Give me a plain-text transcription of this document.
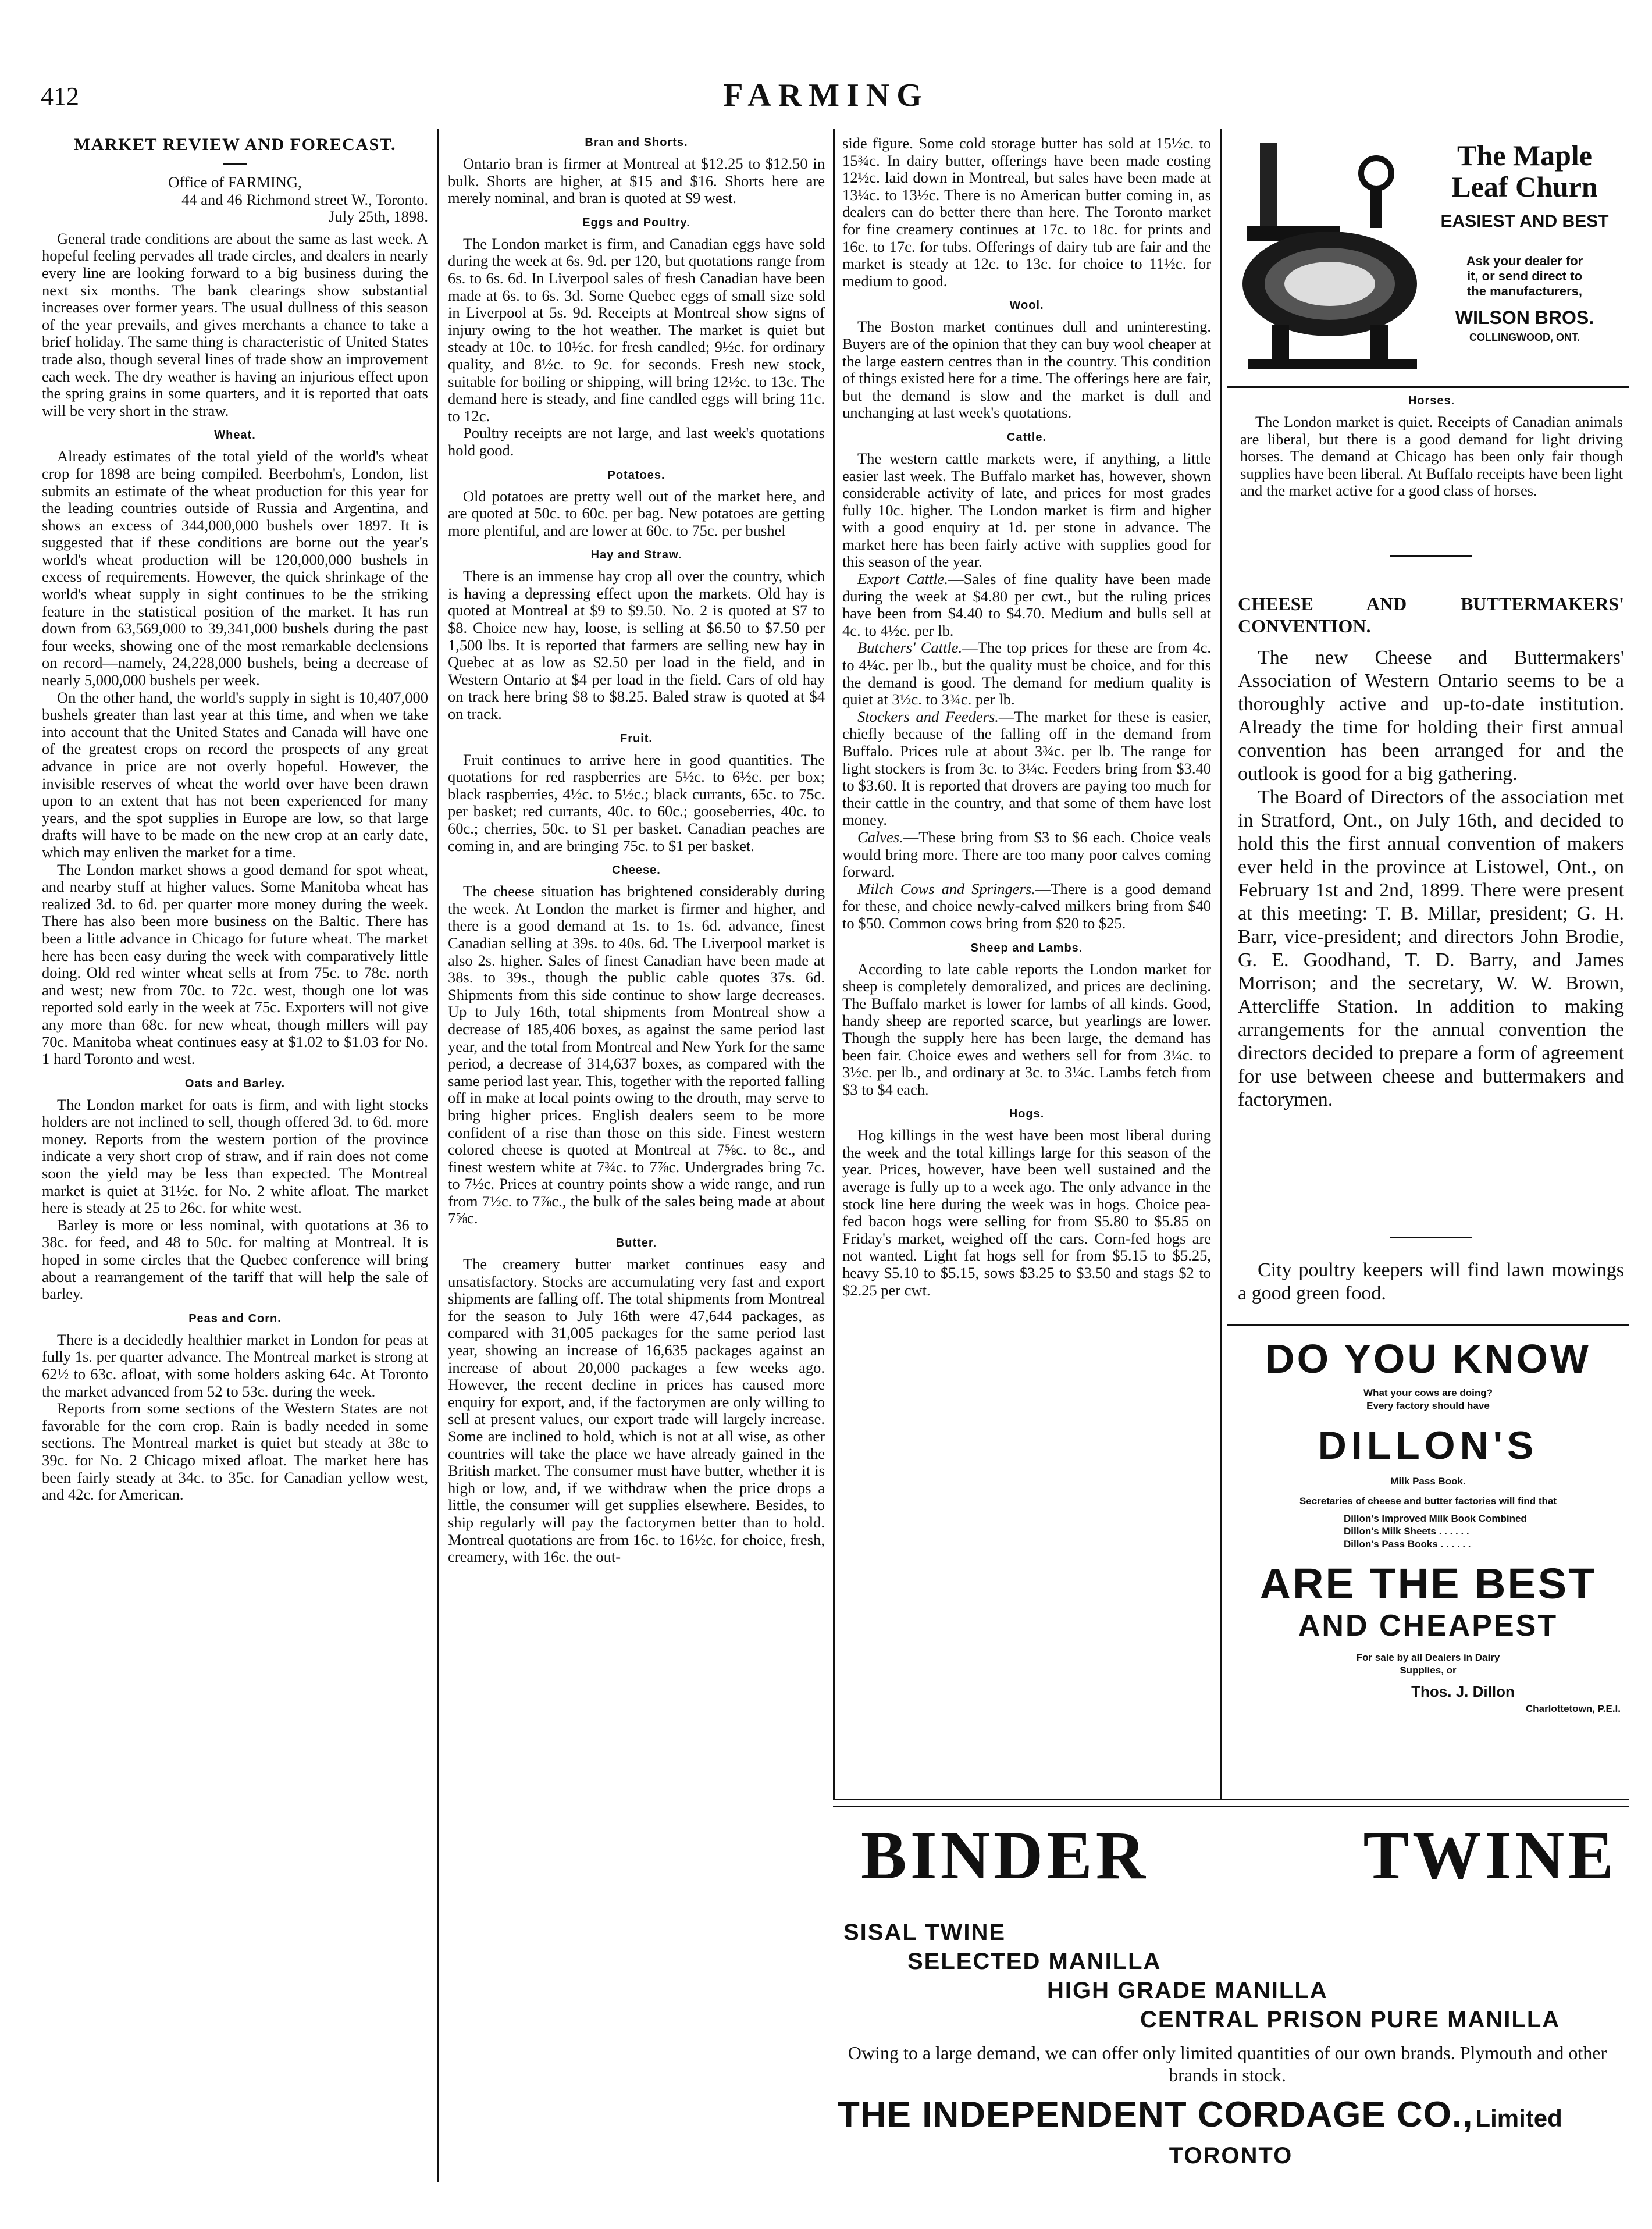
412	FARMING
MARKET REVIEW AND FORECAST.

Office of FARMING,

44 and 46 Richmond street W., Toronto.

July 25th, 1898.

General trade conditions are about the same as last week. A hopeful feeling pervades all trade circles, and dealers in nearly every line are looking forward to a big business during the next six months. The bank clearings show substantial increases over former years. The usual dullness of this season of the year prevails, and gives merchants a chance to take a brief holiday. The same thing is characteristic of United States trade also, though several lines of trade show an improvement each week. The dry weather is having an injurious effect upon the spring grains in some quarters, and it is reported that oats will be very short in the straw.

Wheat.

Already estimates of the total yield of the world's wheat crop for 1898 are being compiled. Beerbohm's, London, list submits an estimate of the wheat production for this year for the leading countries outside of Russia and Argentina, and shows an excess of 344,000,000 bushels over 1897. It is suggested that if these conditions are borne out the year's world's wheat production will be 120,000,000 bushels in excess of requirements. However, the quick shrinkage of the world's wheat supply in sight continues to be the striking feature in the statistical position of the market. It has run down from 63,569,000 to 39,341,000 bushels during the past four weeks, showing one of the most remarkable declensions on record—namely, 24,228,000 bushels, being a decrease of nearly 5,000,000 bushels per week.

On the other hand, the world's supply in sight is 10,407,000 bushels greater than last year at this time, and when we take into account that the United States and Canada will have one of the greatest crops on record the prospects of any great advance in price are not overly hopeful. However, the invisible reserves of wheat the world over have been drawn upon to an extent that has not been experienced for many years, and the spot supplies in Europe are low, so that large drafts will have to be made on the new crop at an early date, which may enliven the market for a time.

The London market shows a good demand for spot wheat, and nearby stuff at higher values. Some Manitoba wheat has realized 3d. to 6d. per quarter more money during the week. There has also been more business on the Baltic. There has been a little advance in Chicago for future wheat. The market here has been easy during the week with comparatively little doing. Old red winter wheat sells at from 75c. to 78c. north and west; new from 70c. to 72c. west, though one lot was reported sold early in the week at 75c. Exporters will not give any more than 68c. for new wheat, though millers will pay 70c. Manitoba wheat continues easy at $1.02 to $1.03 for No. 1 hard Toronto and west.

Oats and Barley.

The London market for oats is firm, and with light stocks holders are not inclined to sell, though offered 3d. to 6d. more money. Reports from the western portion of the province indicate a very short crop of straw, and if rain does not come soon the yield may be less than expected. The Montreal market is quiet at 31½c. for No. 2 white afloat. The market here is steady at 25 to 26c. for white west.

Barley is more or less nominal, with quotations at 36 to 38c. for feed, and 48 to 50c. for malting at Montreal. It is hoped in some circles that the Quebec conference will bring about a rearrangement of the tariff that will help the sale of barley.

Peas and Corn.

There is a decidedly healthier market in London for peas at fully 1s. per quarter advance. The Montreal market is strong at 62½ to 63c. afloat, with some holders asking 64c. At Toronto the market advanced from 52 to 53c. during the week.

Reports from some sections of the Western States are not favorable for the corn crop. Rain is badly needed in some sections. The Montreal market is quiet but steady at 38c to 39c. for No. 2 Chicago mixed afloat. The market here has been fairly steady at 34c. to 35c. for Canadian yellow west, and 42c. for American.

Bran and Shorts.

Ontario bran is firmer at Montreal at $12.25 to $12.50 in bulk. Shorts are higher, at $15 and $16. Shorts here are merely nominal, and bran is quoted at $9 west.

Eggs and Poultry.

The London market is firm, and Canadian eggs have sold during the week at 6s. 9d. per 120, but quotations range from 6s. to 6s. 6d. In Liverpool sales of fresh Canadian have been made at 6s. to 6s. 3d. Some Quebec eggs of small size sold in Liverpool at 5s. 9d. Receipts at Montreal show signs of injury owing to the hot weather. The market is quiet but steady at 10c. to 10½c. for fresh candled; 9½c. for ordinary quality, and 8½c. to 9c. for seconds. Fresh new stock, suitable for boiling or shipping, will bring 12½c. to 13c. The demand here is steady, and fine candled eggs will bring 11c. to 12c.

Poultry receipts are not large, and last week's quotations hold good.

Potatoes.

Old potatoes are pretty well out of the market here, and are quoted at 50c. to 60c. per bag. New potatoes are getting more plentiful, and are lower at 60c. to 75c. per bushel

Hay and Straw.

There is an immense hay crop all over the country, which is having a depressing effect upon the markets. Old hay is quoted at Montreal at $9 to $9.50. No. 2 is quoted at $7 to $8. Choice new hay, loose, is selling at $6.50 to $7.50 per 1,500 lbs. It is reported that farmers are selling new hay in Quebec at as low as $2.50 per load in the field, and in Western Ontario at $4 per load in the field. Cars of old hay on track here bring $8 to $8.25. Baled straw is quoted at $4 on track.

Fruit.

Fruit continues to arrive here in good quantities. The quotations for red raspberries are 5½c. to 6½c. per box; black raspberries, 4½c. to 5½c.; black currants, 65c. to 75c. per basket; red currants, 40c. to 60c.; gooseberries, 40c. to 60c.; cherries, 50c. to $1 per basket. Canadian peaches are coming in, and are bringing 75c. to $1 per basket.

Cheese.

The cheese situation has brightened considerably during the week. At London the market is firmer and higher, and there is a good demand at 1s. to 1s. 6d. advance, finest Canadian selling at 39s. to 40s. 6d. The Liverpool market is also 2s. higher. Sales of finest Canadian have been made at 38s. to 39s., though the public cable quotes 37s. 6d. Shipments from this side continue to show large decreases. Up to July 16th, total shipments from Montreal show a decrease of 185,406 boxes, as against the same period last year, and the total from Montreal and New York for the same period, a decrease of 314,637 boxes, as compared with the same period last year. This, together with the reported falling off in make at local points owing to the drouth, may serve to bring higher prices. English dealers seem to be more confident of a rise than those on this side. Finest western colored cheese is quoted at Montreal at 7⅝c. to 8c., and finest western white at 7¾c. to 7⅞c. Undergrades bring 7c. to 7½c. Prices at country points show a wide range, and run from 7½c. to 7⅞c., the bulk of the sales being made at about 7⅝c.

Butter.

The creamery butter market continues easy and unsatisfactory. Stocks are accumulating very fast and export shipments are falling off. The total shipments from Montreal for the season to July 16th were 47,644 packages, as compared with 31,005 packages for the same period last year, showing an increase of 16,635 packages against an increase of about 20,000 packages a few weeks ago. However, the recent decline in prices has caused more enquiry for export, and, if the factorymen are only willing to sell at present values, our export trade will largely increase. Some are inclined to hold, which is not at all wise, as other countries will take the place we have already gained in the British market. The consumer must have butter, whether it is high or low, and, if we withdraw when the price drops a little, the consumer will get supplies elsewhere. Besides, to ship regularly will pay the factorymen better than to hold. Montreal quotations are from 16c. to 16½c. for choice, fresh, creamery, with 16c. the out-

side figure. Some cold storage butter has sold at 15½c. to 15¾c. In dairy butter, offerings have been made costing 12½c. laid down in Montreal, but sales have been made at 13¼c. to 13½c. There is no American butter coming in, as dealers can do better there than here. The Toronto market for fine creamery continues at 17c. to 18c. for prints and 16c. to 17c. for tubs. Offerings of dairy tub are fair and the market is steady at 12c. to 13c. for choice to 11½c. for medium to good.

Wool.

The Boston market continues dull and uninteresting. Buyers are of the opinion that they can buy wool cheaper at the large eastern centres than in the country. This condition of things existed here for a time. The offerings here are fair, but the demand is slow and the market is dull and unchanging at last week's quotations.

Cattle.

The western cattle markets were, if anything, a little easier last week. The Buffalo market has, however, shown considerable activity of late, and prices for most grades fully 10c. higher. The London market is firm and higher with a good enquiry at 1d. per stone in advance. The market here has been fairly active with supplies good for this season of the year.

Export Cattle.—Sales of fine quality have been made during the week at $4.80 per cwt., but the ruling prices have been from $4.40 to $4.70. Medium and bulls sell at 4c. to 4½c. per lb.

Butchers' Cattle.—The top prices for these are from 4c. to 4¼c. per lb., but the quality must be choice, and for this the demand is good. The demand for medium quality is quiet at 3½c. to 3¾c. per lb.

Stockers and Feeders.—The market for these is easier, chiefly because of the falling off in the demand from Buffalo. Prices rule at about 3¾c. per lb. The range for light stockers is from 3c. to 3¼c. Feeders bring from $3.40 to $3.60. It is reported that drovers are paying too much for their cattle in the country, and that some of them have lost money.

Calves.—These bring from $3 to $6 each. Choice veals would bring more. There are too many poor calves coming forward.

Milch Cows and Springers.—There is a good demand for these, and choice newly-calved milkers bring from $40 to $50. Common cows bring from $20 to $25.

Sheep and Lambs.

According to late cable reports the London market for sheep is completely demoralized, and prices are declining. The Buffalo market is lower for lambs of all kinds. Good, handy sheep are reported scarce, but yearlings are lower. Though the supply here has been large, the demand has been fair. Choice ewes and wethers sell for from 3¼c. to 3½c. per lb., and ordinary at 3c. to 3¼c. Lambs fetch from $3 to $4 each.

Hogs.

Hog killings in the west have been most liberal during the week and the total killings large for this season of the year. Prices, however, have been well sustained and the average is fully up to a week ago. The only advance in the stock line here during the week was in hogs. Choice pea-fed bacon hogs were selling for from $5.80 to $5.85 on Friday's market, weighed off the cars. Corn-fed hogs are not wanted. Light fat hogs sell for from $5.15 to $5.25, heavy $5.10 to $5.15, sows $3.25 to $3.50 and stags $2 to $2.25 per cwt.

The Maple
Leaf Churn
EASIEST AND BEST
Ask your dealer for
it, or send direct to
the manufacturers,
WILSON BROS.
COLLINGWOOD, ONT.
Horses.

The London market is quiet. Receipts of Canadian animals are liberal, but there is a good demand for light driving horses. The demand at Chicago has been only fair though supplies have been liberal. At Buffalo receipts have been light and the market active for a good class of horses.

CHEESE AND BUTTERMAKERS' CONVENTION.

The new Cheese and Buttermakers' Association of Western Ontario seems to be a thoroughly active and up-to-date institution. Already the time for holding their first annual convention has been arranged for and the outlook is good for a big gathering.

The Board of Directors of the association met in Stratford, Ont., on July 16th, and decided to hold this the first annual convention of makers ever held in the province at Listowel, Ont., on February 1st and 2nd, 1899. There were present at this meeting: T. B. Millar, president; G. H. Barr, vice-president; and directors John Brodie, G. E. Goodhand, T. D. Barry, and James Morrison; and the secretary, W. W. Brown, Attercliffe Station. In addition to making arrangements for the annual convention the directors decided to prepare a form of agreement for use between cheese and buttermakers and factorymen.

City poultry keepers will find lawn mowings a good green food.

DO YOU KNOW
What your cows are doing?
Every factory should have
DILLON'S
Milk Pass Book.
Secretaries of cheese and butter factories will find that
Dillon's Improved Milk Book Combined
Dillon's Milk Sheets . . . . . .
Dillon's Pass Books . . . . . .
ARE THE BEST
AND CHEAPEST
For sale by all Dealers in Dairy
Supplies, or
Thos. J. Dillon
Charlottetown, P.E.I.
BINDER TWINE
SISAL TWINE
SELECTED MANILLA
HIGH GRADE MANILLA
CENTRAL PRISON PURE MANILLA
Owing to a large demand, we can offer only limited quantities of our own brands. Plymouth and other brands in stock.
THE INDEPENDENT CORDAGE CO., Limited
TORONTO
